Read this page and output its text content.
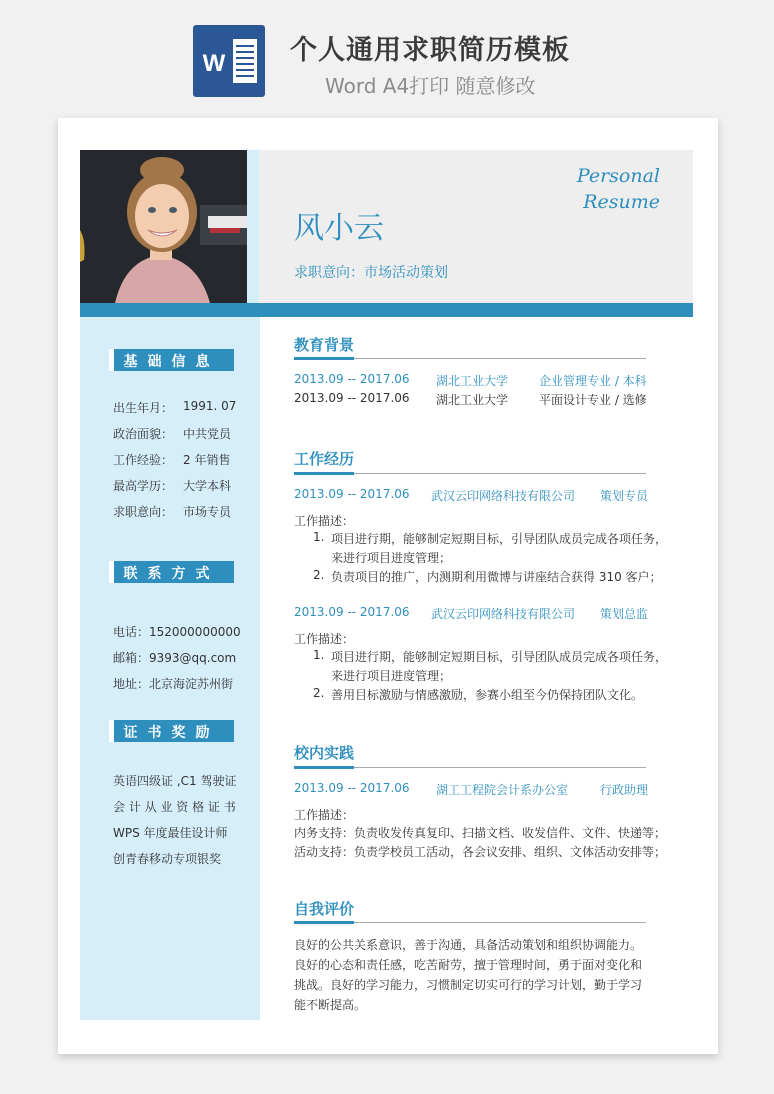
W 个人通用求职简历模板
Word A4打印 随意修改
风小云
求职意向：市场活动策划
Personal
Resume
基础信息
出生年月： 1991. 07
政治面貌： 中共党员
工作经验： 2 年销售
最高学历： 大学本科
求职意向： 市场专员
联系方式
电话：152000000000
邮箱：9393@qq.com
地址：北京海淀苏州街
证书奖励
英语四级证 ,C1 驾驶证
会 计 从 业 资 格 证 书
WPS 年度最佳设计师
创青春移动专项银奖
教育背景
2013.09 -- 2017.06 湖北工业大学	企业管理专业 / 本科
2013.09 -- 2017.06 湖北工业大学	平面设计专业 / 选修
工作经历
2013.09 -- 2017.06 武汉云印网络科技有限公司 策划专员
工作描述：
1. 项目进行期，能够制定短期目标，引导团队成员完成各项任务，
来进行项目进度管理；
2. 负责项目的推广，内测期利用微博与讲座结合获得 310 客户；
2013.09 -- 2017.06 武汉云印网络科技有限公司 策划总监
工作描述：
1. 项目进行期，能够制定短期目标，引导团队成员完成各项任务，
来进行项目进度管理；
2. 善用目标激励与情感激励，参赛小组至今仍保持团队文化。
校内实践
2013.09 -- 2017.06 湖工工程院会计系办公室	行政助理
工作描述：
内务支持：负责收发传真复印、扫描文档、收发信件、文件、快递等；
活动支持：负责学校员工活动，各会议安排、组织、文体活动安排等；
自我评价
良好的公共关系意识，善于沟通，具备活动策划和组织协调能力。良好的心态和责任感，吃苦耐劳，擅于管理时间，勇于面对变化和挑战。良好的学习能力，习惯制定切实可行的学习计划，勤于学习能不断提高。
